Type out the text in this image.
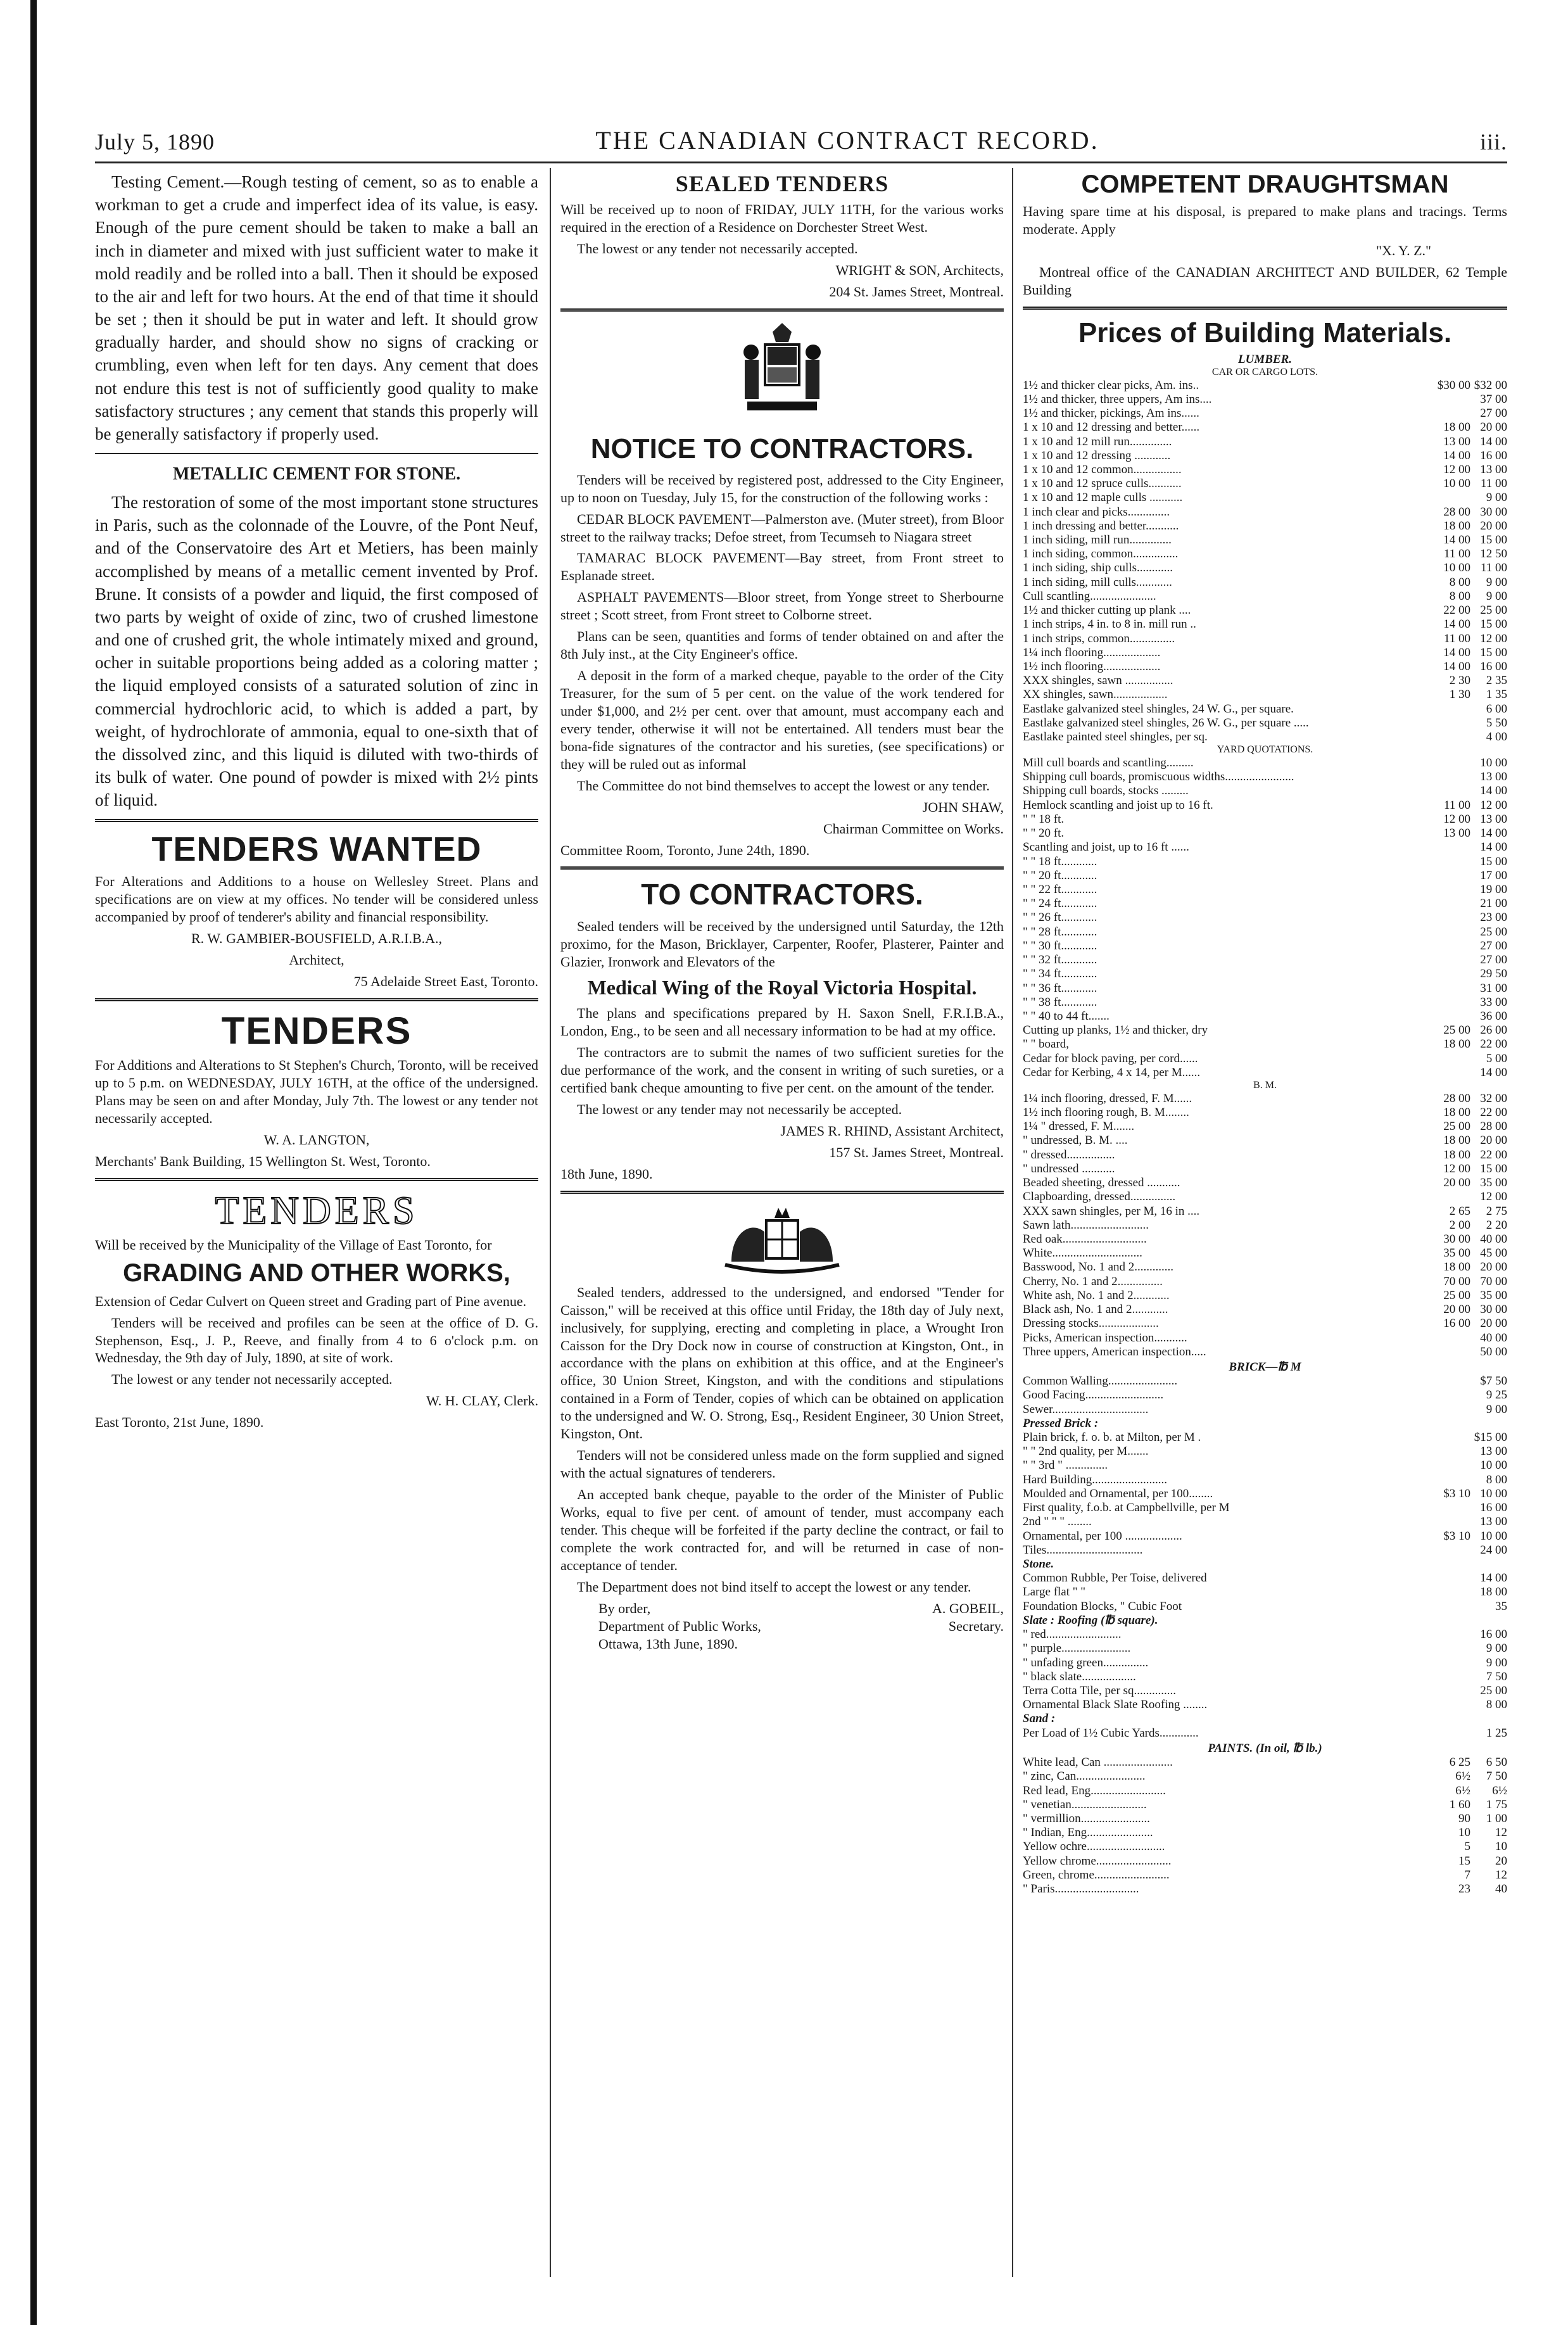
July 5, 1890	THE CANADIAN CONTRACT RECORD.	iii.

Testing Cement.—Rough testing of cement, so as to enable a workman to get a crude and imperfect idea of its value, is easy. Enough of the pure cement should be taken to make a ball an inch in diameter and mixed with just sufficient water to make it mold readily and be rolled into a ball. Then it should be exposed to the air and left for two hours. At the end of that time it should be set ; then it should be put in water and left. It should grow gradually harder, and should show no signs of cracking or crumbling, even when left for ten days. Any cement that does not endure this test is not of sufficiently good quality to make satisfactory structures ; any cement that stands this properly will be generally satisfactory if properly used.

METALLIC CEMENT FOR STONE.

The restoration of some of the most important stone structures in Paris, such as the colonnade of the Louvre, of the Pont Neuf, and of the Conservatoire des Art et Metiers, has been mainly accomplished by means of a metallic cement invented by Prof. Brune. It consists of a powder and liquid, the first composed of two parts by weight of oxide of zinc, two of crushed limestone and one of crushed grit, the whole intimately mixed and ground, ocher in suitable proportions being added as a coloring matter ; the liquid employed consists of a saturated solution of zinc in commercial hydrochloric acid, to which is added a part, by weight, of hydrochlorate of ammonia, equal to one-sixth that of the dissolved zinc, and this liquid is diluted with two-thirds of its bulk of water. One pound of powder is mixed with 2½ pints of liquid.

TENDERS WANTED

For Alterations and Additions to a house on Wellesley Street. Plans and specifications are on view at my offices. No tender will be considered unless accompanied by proof of tenderer's ability and financial responsibility.

R. W. GAMBIER-BOUSFIELD, A.R.I.B.A.,

Architect,

75 Adelaide Street East, Toronto.

TENDERS

For Additions and Alterations to St Stephen's Church, Toronto, will be received up to 5 p.m. on WEDNESDAY, JULY 16TH, at the office of the undersigned. Plans may be seen on and after Monday, July 7th. The lowest or any tender not necessarily accepted.

W. A. LANGTON,

Merchants' Bank Building, 15 Wellington St. West, Toronto.

TENDERS

Will be received by the Municipality of the Village of East Toronto, for

GRADING AND OTHER WORKS,

Extension of Cedar Culvert on Queen street and Grading part of Pine avenue.

Tenders will be received and profiles can be seen at the office of D. G. Stephenson, Esq., J. P., Reeve, and finally from 4 to 6 o'clock p.m. on Wednesday, the 9th day of July, 1890, at site of work.

The lowest or any tender not necessarily accepted.

W. H. CLAY, Clerk.

East Toronto, 21st June, 1890.

SEALED TENDERS

Will be received up to noon of FRIDAY, JULY 11TH, for the various works required in the erection of a Residence on Dorchester Street West.

The lowest or any tender not necessarily accepted.

WRIGHT & SON, Architects,

204 St. James Street, Montreal.

NOTICE TO CONTRACTORS.

Tenders will be received by registered post, addressed to the City Engineer, up to noon on Tuesday, July 15, for the construction of the following works :

CEDAR BLOCK PAVEMENT—Palmerston ave. (Muter street), from Bloor street to the railway tracks; Defoe street, from Tecumseh to Niagara street

TAMARAC BLOCK PAVEMENT—Bay street, from Front street to Esplanade street.

ASPHALT PAVEMENTS—Bloor street, from Yonge street to Sherbourne street ; Scott street, from Front street to Colborne street.

Plans can be seen, quantities and forms of tender obtained on and after the 8th July inst., at the City Engineer's office.

A deposit in the form of a marked cheque, payable to the order of the City Treasurer, for the sum of 5 per cent. on the value of the work tendered for under $1,000, and 2½ per cent. over that amount, must accompany each and every tender, otherwise it will not be entertained. All tenders must bear the bona-fide signatures of the contractor and his sureties, (see specifications) or they will be ruled out as informal

The Committee do not bind themselves to accept the lowest or any tender.

JOHN SHAW,

Chairman Committee on Works.

Committee Room, Toronto, June 24th, 1890.

TO CONTRACTORS.

Sealed tenders will be received by the undersigned until Saturday, the 12th proximo, for the Mason, Bricklayer, Carpenter, Roofer, Plasterer, Painter and Glazier, Ironwork and Elevators of the

Medical Wing of the Royal Victoria Hospital.

The plans and specifications prepared by H. Saxon Snell, F.R.I.B.A., London, Eng., to be seen and all necessary information to be had at my office.

The contractors are to submit the names of two sufficient sureties for the due performance of the work, and the consent in writing of such sureties, or a certified bank cheque amounting to five per cent. on the amount of the tender.

The lowest or any tender may not necessarily be accepted.

JAMES R. RHIND, Assistant Architect,

157 St. James Street, Montreal.

18th June, 1890.

Sealed tenders, addressed to the undersigned, and endorsed "Tender for Caisson," will be received at this office until Friday, the 18th day of July next, inclusively, for supplying, erecting and completing in place, a Wrought Iron Caisson for the Dry Dock now in course of construction at Kingston, Ont., in accordance with the plans on exhibition at this office, and at the Engineer's office, 30 Union Street, Kingston, and with the conditions and stipulations contained in a Form of Tender, copies of which can be obtained on application to the undersigned and W. O. Strong, Esq., Resident Engineer, 30 Union Street, Kingston, Ont.

Tenders will not be considered unless made on the form supplied and signed with the actual signatures of tenderers.

An accepted bank cheque, payable to the order of the Minister of Public Works, equal to five per cent. of amount of tender, must accompany each tender. This cheque will be forfeited if the party decline the contract, or fail to complete the work contracted for, and will be returned in case of non-acceptance of tender.

The Department does not bind itself to accept the lowest or any tender.

By order,
Department of Public Works,
Ottawa, 13th June, 1890.
A. GOBEIL,
Secretary.
COMPETENT DRAUGHTSMAN

Having spare time at his disposal, is prepared to make plans and tracings. Terms moderate. Apply

"X. Y. Z."

Montreal office of the CANADIAN ARCHITECT AND BUILDER, 62 Temple Building

Prices of Building Materials.
LUMBER.		
CAR OR CARGO LOTS.		
1½ and thicker clear picks, Am. ins..	$30 00	$32 00
1½ and thicker, three uppers, Am ins....		37 00
1½ and thicker, pickings, Am ins......		27 00
1 x 10 and 12 dressing and better......	18 00	20 00
1 x 10 and 12 mill run..............	13 00	14 00
1 x 10 and 12 dressing ............	14 00	16 00
1 x 10 and 12 common................	12 00	13 00
1 x 10 and 12 spruce culls...........	10 00	11 00
1 x 10 and 12 maple culls ...........		9 00
1 inch clear and picks..............	28 00	30 00
1 inch dressing and better...........	18 00	20 00
1 inch siding, mill run..............	14 00	15 00
1 inch siding, common...............	11 00	12 50
1 inch siding, ship culls............	10 00	11 00
1 inch siding, mill culls............	8 00	9 00
Cull scantling......................	8 00	9 00
1½ and thicker cutting up plank ....	22 00	25 00
1 inch strips, 4 in. to 8 in. mill run ..	14 00	15 00
1 inch strips, common...............	11 00	12 00
1¼ inch flooring...................	14 00	15 00
1½ inch flooring...................	14 00	16 00
XXX shingles, sawn ................	2 30	2 35
XX shingles, sawn..................	1 30	1 35
Eastlake galvanized steel shingles, 24 W. G., per square.		6 00
Eastlake galvanized steel shingles, 26 W. G., per square .....		5 50
Eastlake painted steel shingles, per sq.		4 00
YARD QUOTATIONS.		
Mill cull boards and scantling.........		10 00
Shipping cull boards, promiscuous widths.......................		13 00
Shipping cull boards, stocks .........		14 00
Hemlock scantling and joist up to 16 ft.	11 00	12 00
" " 18 ft.	12 00	13 00
" " 20 ft.	13 00	14 00
Scantling and joist, up to 16 ft ......		14 00
" " 18 ft............		15 00
" " 20 ft............		17 00
" " 22 ft............		19 00
" " 24 ft............		21 00
" " 26 ft............		23 00
" " 28 ft............		25 00
" " 30 ft............		27 00
" " 32 ft............		27 00
" " 34 ft............		29 50
" " 36 ft............		31 00
" " 38 ft............		33 00
" " 40 to 44 ft.......		36 00
Cutting up planks, 1½ and thicker, dry	25 00	26 00
" " board,	18 00	22 00
Cedar for block paving, per cord......		5 00
Cedar for Kerbing, 4 x 14, per M......		14 00
B. M.		
1¼ inch flooring, dressed, F. M......	28 00	32 00
1½ inch flooring rough, B. M........	18 00	22 00
1¼ " dressed, F. M.......	25 00	28 00
" undressed, B. M. ....	18 00	20 00
" dressed................	18 00	22 00
" undressed ...........	12 00	15 00
Beaded sheeting, dressed ...........	20 00	35 00
Clapboarding, dressed...............		12 00
XXX sawn shingles, per M, 16 in ....	2 65	2 75
Sawn lath..........................	2 00	2 20
Red oak............................	30 00	40 00
White..............................	35 00	45 00
Basswood, No. 1 and 2.............	18 00	20 00
Cherry, No. 1 and 2...............	70 00	70 00
White ash, No. 1 and 2............	25 00	35 00
Black ash, No. 1 and 2............	20 00	30 00
Dressing stocks....................	16 00	20 00
Picks, American inspection...........		40 00
Three uppers, American inspection.....		50 00
BRICK—℔ M		
Common Walling.......................		$7 50
Good Facing..........................		9 25
Sewer................................		9 00
Pressed Brick :		
Plain brick, f. o. b. at Milton, per M .		$15 00
" " 2nd quality, per M.......		13 00
" " 3rd " ..............		10 00
Hard Building.........................		8 00
Moulded and Ornamental, per 100........	$3 10	10 00
First quality, f.o.b. at Campbellville, per M		16 00
2nd " " " ........		13 00
Ornamental, per 100 ...................	$3 10	10 00
Tiles................................		24 00
Stone.		
Common Rubble, Per Toise, delivered		14 00
Large flat " "		18 00
Foundation Blocks, " Cubic Foot		35
Slate : Roofing (℔ square).		
" red.........................		16 00
" purple.......................		9 00
" unfading green...............		9 00
" black slate..................		7 50
Terra Cotta Tile, per sq..............		25 00
Ornamental Black Slate Roofing ........		8 00
Sand :		
Per Load of 1½ Cubic Yards.............		1 25
PAINTS. (In oil, ℔ lb.)		
White lead, Can .......................	6 25	6 50
" zinc, Can.......................	6½	7 50
Red lead, Eng.........................	6½	6½
" venetian.........................	1 60	1 75
" vermillion.......................	90	1 00
" Indian, Eng......................	10	12
Yellow ochre..........................	5	10
Yellow chrome.........................	15	20
Green, chrome.........................	7	12
" Paris............................	23	40
